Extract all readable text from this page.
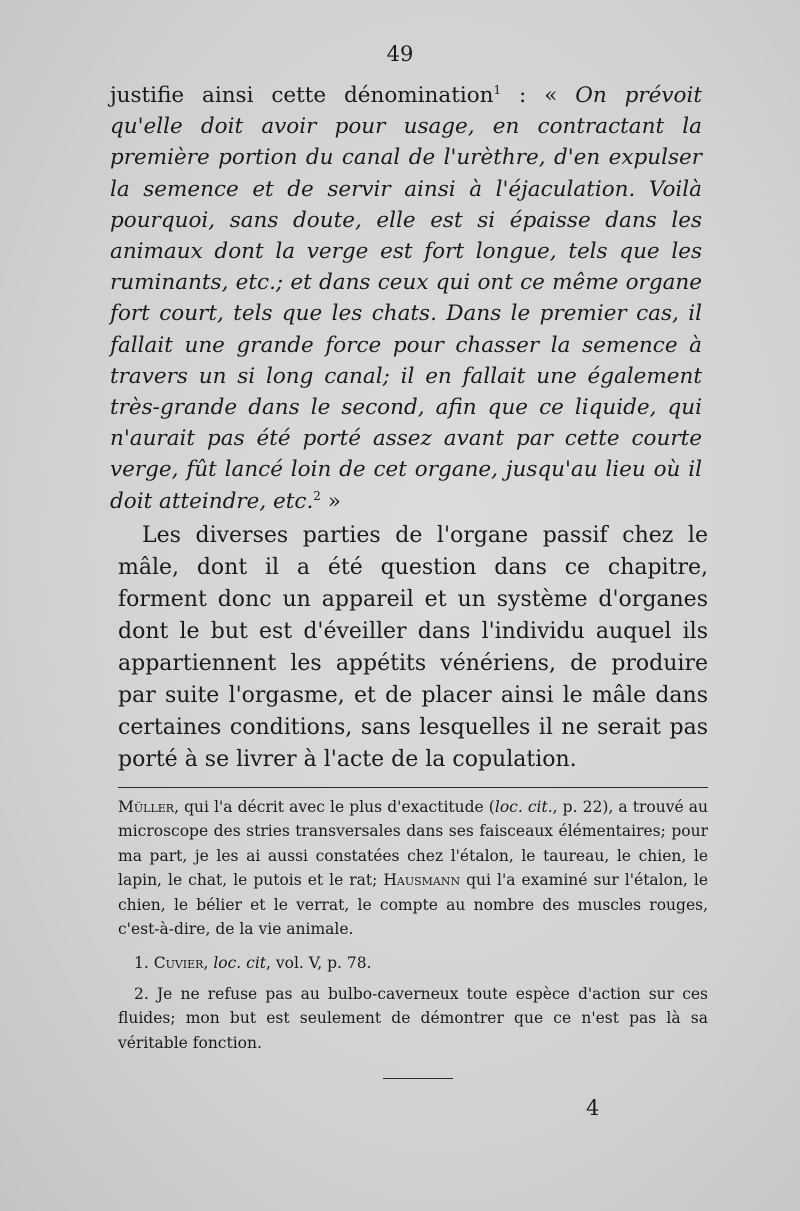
49

justifie ainsi cette dénomination$^1$ : « On prévoit qu'elle doit avoir pour usage, en contractant la première portion du canal de l'urèthre, d'en expulser la semence et de servir ainsi à l'éjaculation. Voilà pourquoi, sans doute, elle est si épaisse dans les animaux dont la verge est fort longue, tels que les ruminants, etc.; et dans ceux qui ont ce même organe fort court, tels que les chats. Dans le premier cas, il fallait une grande force pour chasser la semence à travers un si long canal; il en fallait une également très-grande dans le second, afin que ce liquide, qui n'aurait pas été porté assez avant par cette courte verge, fût lancé loin de cet organe, jusqu'au lieu où il doit atteindre, etc.$^2$ »

Les diverses parties de l'organe passif chez le mâle, dont il a été question dans ce chapitre, forment donc un appareil et un système d'organes dont le but est d'éveiller dans l'individu auquel ils appartiennent les appétits vénériens, de produire par suite l'orgasme, et de placer ainsi le mâle dans certaines conditions, sans lesquelles il ne serait pas porté à se livrer à l'acte de la copulation.

Müller, qui l'a décrit avec le plus d'exactitude (loc. cit., p. 22), a trouvé au microscope des stries transversales dans ses faisceaux élémentaires; pour ma part, je les ai aussi constatées chez l'étalon, le taureau, le chien, le lapin, le chat, le putois et le rat; Hausmann qui l'a examiné sur l'étalon, le chien, le bélier et le verrat, le compte au nombre des muscles rouges, c'est-à-dire, de la vie animale.

1. Cuvier, loc. cit, vol. V, p. 78.

2. Je ne refuse pas au bulbo-caverneux toute espèce d'action sur ces fluides; mon but est seulement de démontrer que ce n'est pas là sa véritable fonction.

4
